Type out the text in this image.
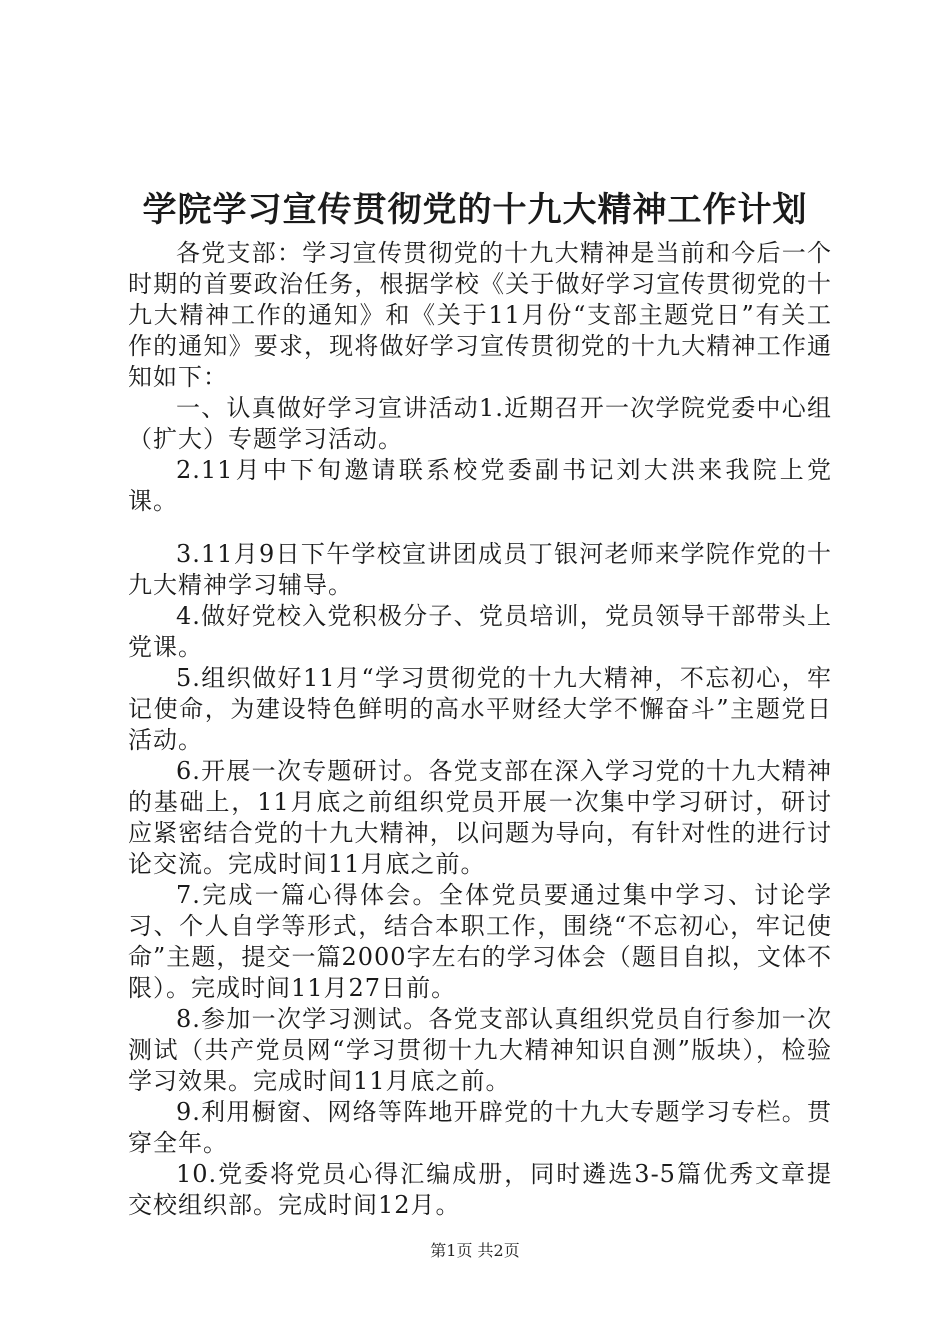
学院学习宣传贯彻党的十九大精神工作计划

各党支部：学习宣传贯彻党的十九大精神是当前和今后一个时期的首要政治任务，根据学校《关于做好学习宣传贯彻党的十九大精神工作的通知》和《关于11月份“支部主题党日”有关工作的通知》要求，现将做好学习宣传贯彻党的十九大精神工作通知如下：

一、认真做好学习宣讲活动1.近期召开一次学院党委中心组（扩大）专题学习活动。

2.11月中下旬邀请联系校党委副书记刘大洪来我院上党课。

3.11月9日下午学校宣讲团成员丁银河老师来学院作党的十九大精神学习辅导。

4.做好党校入党积极分子、党员培训，党员领导干部带头上党课。

5.组织做好11月“学习贯彻党的十九大精神，不忘初心，牢记使命，为建设特色鲜明的高水平财经大学不懈奋斗”主题党日活动。

6.开展一次专题研讨。各党支部在深入学习党的十九大精神的基础上，11月底之前组织党员开展一次集中学习研讨，研讨应紧密结合党的十九大精神，以问题为导向，有针对性的进行讨论交流。完成时间11月底之前。

7.完成一篇心得体会。全体党员要通过集中学习、讨论学习、个人自学等形式，结合本职工作，围绕“不忘初心，牢记使命”主题，提交一篇2000字左右的学习体会（题目自拟，文体不限）。完成时间11月27日前。

8.参加一次学习测试。各党支部认真组织党员自行参加一次测试（共产党员网“学习贯彻十九大精神知识自测”版块），检验学习效果。完成时间11月底之前。

9.利用橱窗、网络等阵地开辟党的十九大专题学习专栏。贯穿全年。

10.党委将党员心得汇编成册，同时遴选3-5篇优秀文章提交校组织部。完成时间12月。

第1页 共2页
